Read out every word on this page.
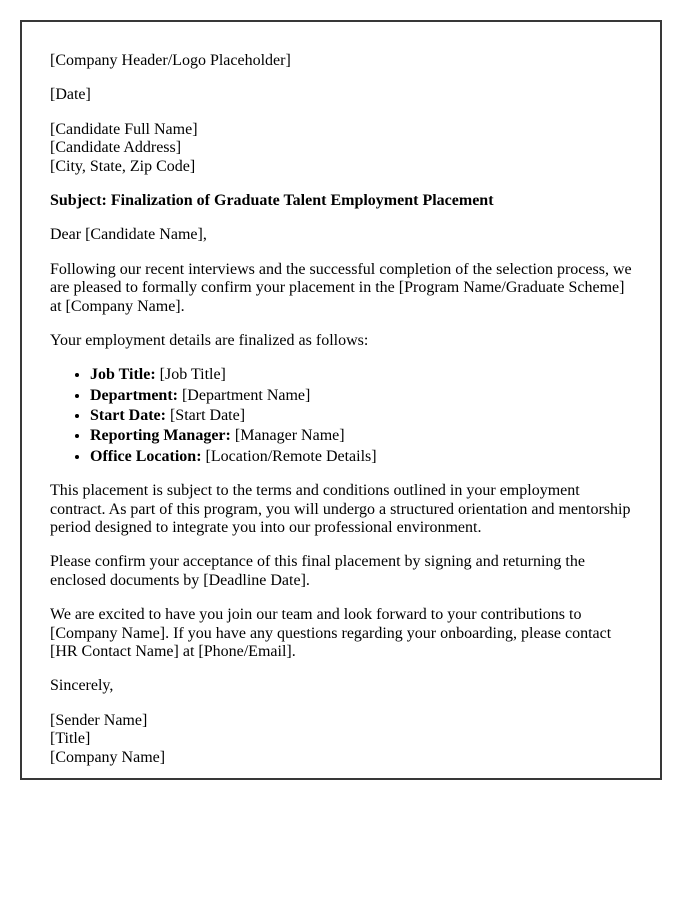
[Company Header/Logo Placeholder]

[Date]

[Candidate Full Name]
[Candidate Address]
[City, State, Zip Code]

Subject: Finalization of Graduate Talent Employment Placement

Dear [Candidate Name],

Following our recent interviews and the successful completion of the selection process, we are pleased to formally confirm your placement in the [Program Name/Graduate Scheme] at [Company Name].

Your employment details are finalized as follows:

• Job Title: [Job Title]
• Department: [Department Name]
• Start Date: [Start Date]
• Reporting Manager: [Manager Name]
• Office Location: [Location/Remote Details]

This placement is subject to the terms and conditions outlined in your employment contract. As part of this program, you will undergo a structured orientation and mentorship period designed to integrate you into our professional environment.

Please confirm your acceptance of this final placement by signing and returning the enclosed documents by [Deadline Date].

We are excited to have you join our team and look forward to your contributions to [Company Name]. If you have any questions regarding your onboarding, please contact [HR Contact Name] at [Phone/Email].

Sincerely,

[Sender Name]
[Title]
[Company Name]
